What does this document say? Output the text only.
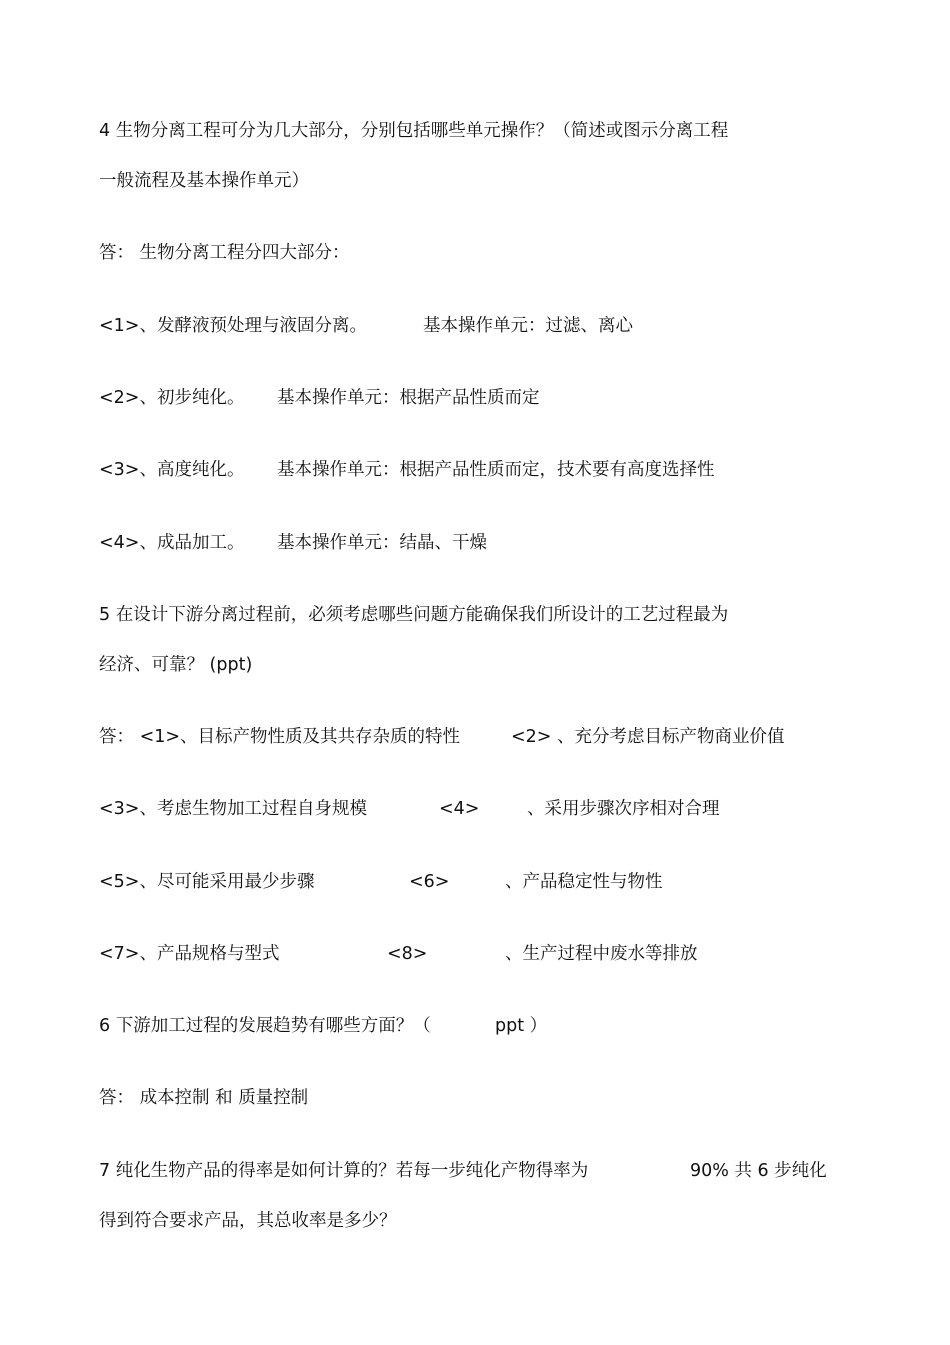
4 生物分离工程可分为几大部分，分别包括哪些单元操作？（简述或图示分离工程
一般流程及基本操作单元）
答： 生物分离工程分四大部分：
<1>、发酵液预处理与液固分离。	基本操作单元：过滤、离心
<2>、初步纯化。 基本操作单元：根据产品性质而定
<3>、高度纯化。 基本操作单元：根据产品性质而定，技术要有高度选择性
<4>、成品加工。 基本操作单元：结晶、干燥
5 在设计下游分离过程前，必须考虑哪些问题方能确保我们所设计的工艺过程最为
经济、可靠？ (ppt)
答： <1>、目标产物性质及其共存杂质的特性	<2> 、充分考虑目标产物商业价值
<3>、考虑生物加工过程自身规模	<4>	、采用步骤次序相对合理
<5>、尽可能采用最少步骤	<6>	、产品稳定性与物性
<7>、产品规格与型式	<8>	、生产过程中废水等排放
6 下游加工过程的发展趋势有哪些方面？（	ppt ）
答： 成本控制 和 质量控制
7 纯化生物产品的得率是如何计算的？若每一步纯化产物得率为	90% 共 6 步纯化
得到符合要求产品，其总收率是多少？
